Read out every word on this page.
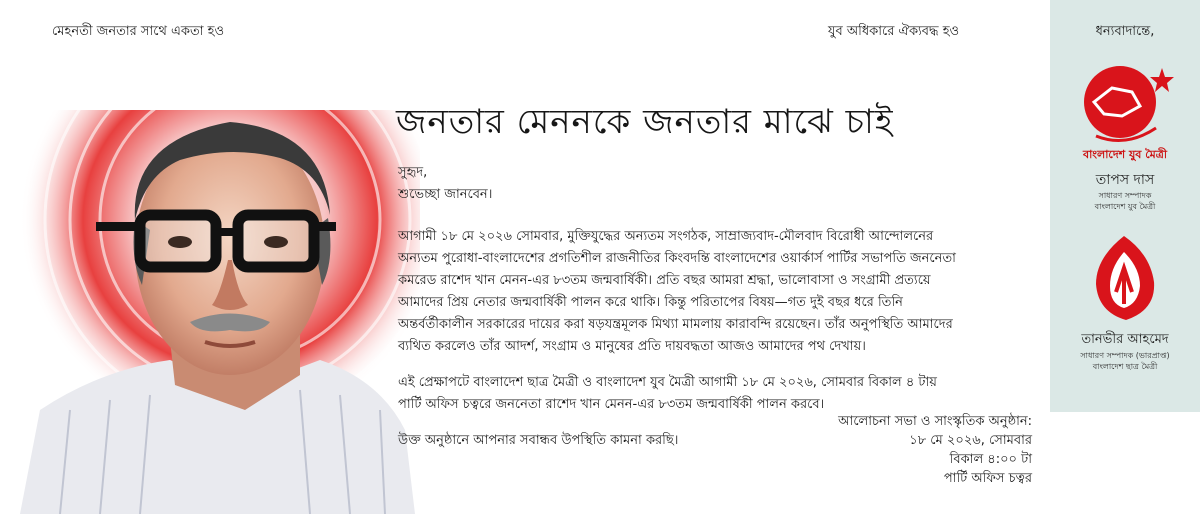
মেহনতী জনতার সাথে একতা হও	যুব অধিকারে ঐক্যবদ্ধ হও
জনতার মেননকে জনতার মাঝে চাই

সুহৃদ,

শুভেচ্ছা জানবেন।

আগামী ১৮ মে ২০২৬ সোমবার, মুক্তিযুদ্ধের অন্যতম সংগঠক, সাম্রাজ্যবাদ-মৌলবাদ বিরোধী আন্দোলনের
অন্যতম পুরোধা-বাংলাদেশের প্রগতিশীল রাজনীতির কিংবদন্তি বাংলাদেশের ওয়ার্কার্স পার্টির সভাপতি জননেতা
কমরেড রাশেদ খান মেনন-এর ৮৩তম জন্মবার্ষিকী। প্রতি বছর আমরা শ্রদ্ধা, ভালোবাসা ও সংগ্রামী প্রত্যয়ে
আমাদের প্রিয় নেতার জন্মবার্ষিকী পালন করে থাকি। কিন্তু পরিতাপের বিষয়—গত দুই বছর ধরে তিনি
অন্তর্বর্তীকালীন সরকারের দায়ের করা ষড়যন্ত্রমূলক মিথ্যা মামলায় কারাবন্দি রয়েছেন। তাঁর অনুপস্থিতি আমাদের
ব্যথিত করলেও তাঁর আদর্শ, সংগ্রাম ও মানুষের প্রতি দায়বদ্ধতা আজও আমাদের পথ দেখায়।

এই প্রেক্ষাপটে বাংলাদেশ ছাত্র মৈত্রী ও বাংলাদেশ যুব মৈত্রী আগামী ১৮ মে ২০২৬, সোমবার বিকাল ৪ টায়
পার্টি অফিস চত্বরে জননেতা রাশেদ খান মেনন-এর ৮৩তম জন্মবার্ষিকী পালন করবে।

উক্ত অনুষ্ঠানে আপনার সবান্ধব উপস্থিতি কামনা করছি।

আলোচনা সভা ও সাংস্কৃতিক অনুষ্ঠান:
১৮ মে ২০২৬, সোমবার
বিকাল ৪:০০ টা
পার্টি অফিস চত্বর
ধন্যবাদান্তে,
বাংলাদেশ যুব মৈত্রী
তাপস দাস
সাধারণ সম্পাদক
বাংলাদেশ যুব মৈত্রী
তানভীর আহমেদ
সাধারণ সম্পাদক (ভারপ্রাপ্ত)
বাংলাদেশ ছাত্র মৈত্রী
